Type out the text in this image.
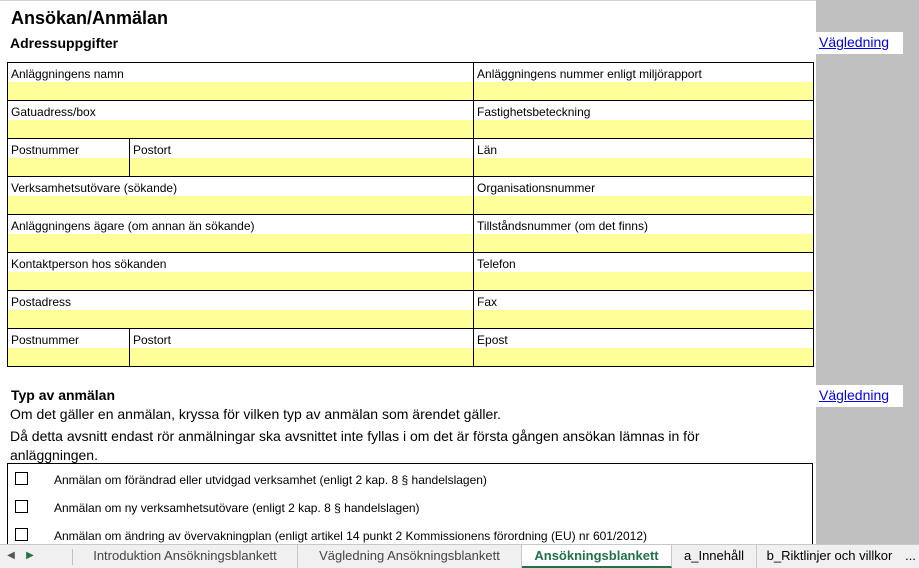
Vägledning
Vägledning
Ansökan/Anmälan
Adressuppgifter
Anläggningens namn		Anläggningens nummer enligt miljörapport

Gatuadress/box		Fastighetsbeteckning

Postnummer	Postort	Län

Verksamhetsutövare (sökande)		Organisationsnummer

Anläggningens ägare (om annan än sökande)		Tillståndsnummer (om det finns)

Kontaktperson hos sökanden		Telefon

Postadress		Fax

Postnummer	Postort	Epost
Typ av anmälan
Om det gäller en anmälan, kryssa för vilken typ av anmälan som ärendet gäller.
Då detta avsnitt endast rör anmälningar ska avsnittet inte fyllas i om det är första gången ansökan lämnas in för
anläggningen.
Anmälan om förändrad eller utvidgad verksamhet (enligt 2 kap. 8 § handelslagen)
Anmälan om ny verksamhetsutövare (enligt 2 kap. 8 § handelslagen)
Anmälan om ändring av övervakningplan (enligt artikel 14 punkt 2 Kommissionens förordning (EU) nr 601/2012)
◀	▶	Introduktion Ansökningsblankett	Vägledning Ansökningsblankett	Ansökningsblankett	a_Innehåll	b_Riktlinjer och villkor ...
